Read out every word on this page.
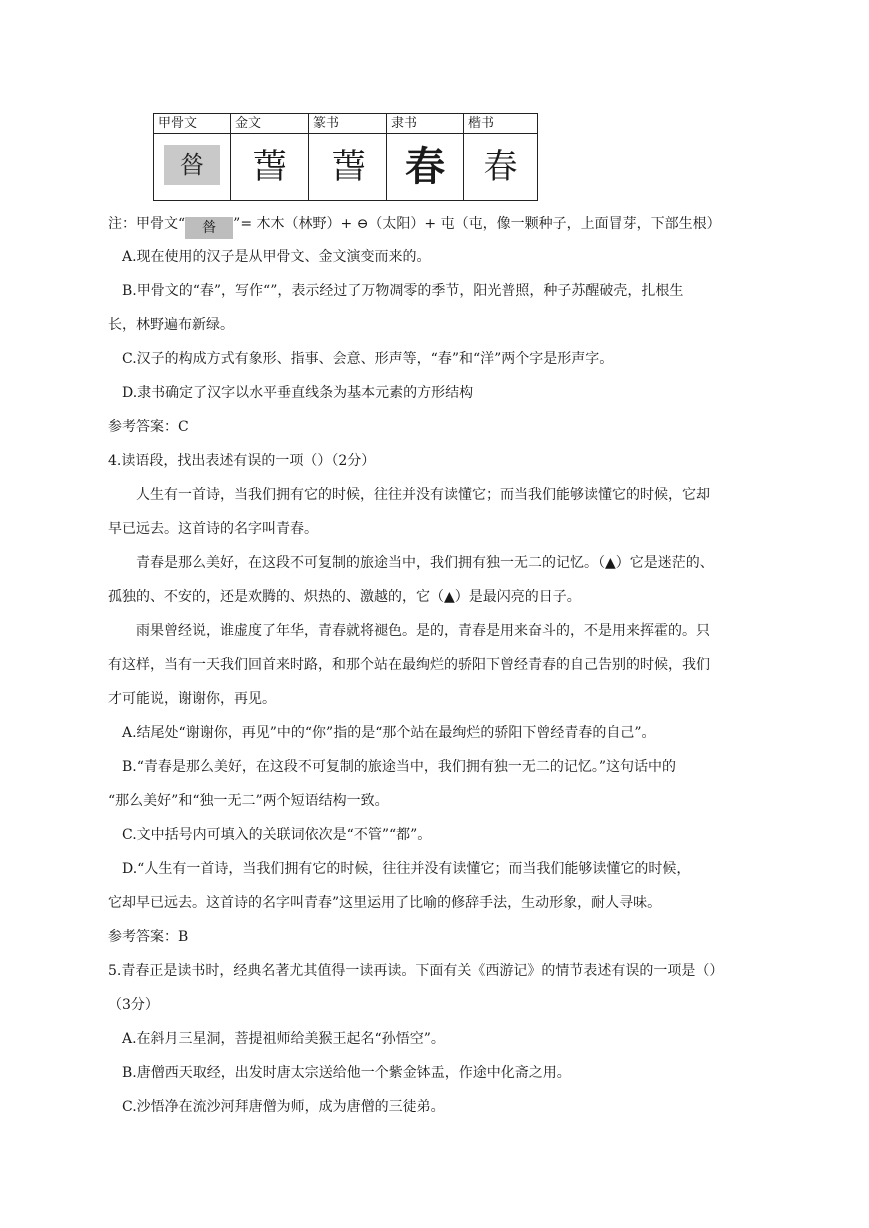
甲骨文	金文	篆书	隶书	楷书

㫺	萅	萅	春	春
注：甲骨文“ 㫺 ”= ⽊⽊（林野）+ ⊖（太阳）+ 屯（屯，像一颗种子，上面冒芽，下部生根）
A.现在使用的汉子是从甲骨文、金文演变而来的。
B.甲骨文的“春”，写作“”，表示经过了万物凋零的季节，阳光普照，种子苏醒破壳，扎根生
长，林野遍布新绿。
C.汉子的构成方式有象形、指事、会意、形声等，“春”和“洋”两个字是形声字。
D.隶书确定了汉字以水平垂直线条为基本元素的方形结构
参考答案：C
4.读语段，找出表述有误的一项（）（2分）
人生有一首诗，当我们拥有它的时候，往往并没有读懂它；而当我们能够读懂它的时候，它却
早已远去。这首诗的名字叫青春。
青春是那么美好，在这段不可复制的旅途当中，我们拥有独一无二的记忆。（▲）它是迷茫的、
孤独的、不安的，还是欢腾的、炽热的、激越的，它（▲）是最闪亮的日子。
雨果曾经说，谁虚度了年华，青春就将褪色。是的，青春是用来奋斗的，不是用来挥霍的。只
有这样，当有一天我们回首来时路，和那个站在最绚烂的骄阳下曾经青春的自己告别的时候，我们
才可能说，谢谢你，再见。
A.结尾处“谢谢你，再见”中的“你”指的是“那个站在最绚烂的骄阳下曾经青春的自己”。
B.“青春是那么美好，在这段不可复制的旅途当中，我们拥有独一无二的记忆。”这句话中的
“那么美好”和“独一无二”两个短语结构一致。
C.文中括号内可填入的关联词依次是“不管”“都”。
D.“人生有一首诗，当我们拥有它的时候，往往并没有读懂它；而当我们能够读懂它的时候，
它却早已远去。这首诗的名字叫青春”这里运用了比喻的修辞手法，生动形象，耐人寻味。
参考答案：B
5.青春正是读书时，经典名著尤其值得一读再读。下面有关《西游记》的情节表述有误的一项是（）
（3分）
A.在斜月三星洞，菩提祖师给美猴王起名“孙悟空”。
B.唐僧西天取经，出发时唐太宗送给他一个紫金钵盂，作途中化斋之用。
C.沙悟净在流沙河拜唐僧为师，成为唐僧的三徒弟。
